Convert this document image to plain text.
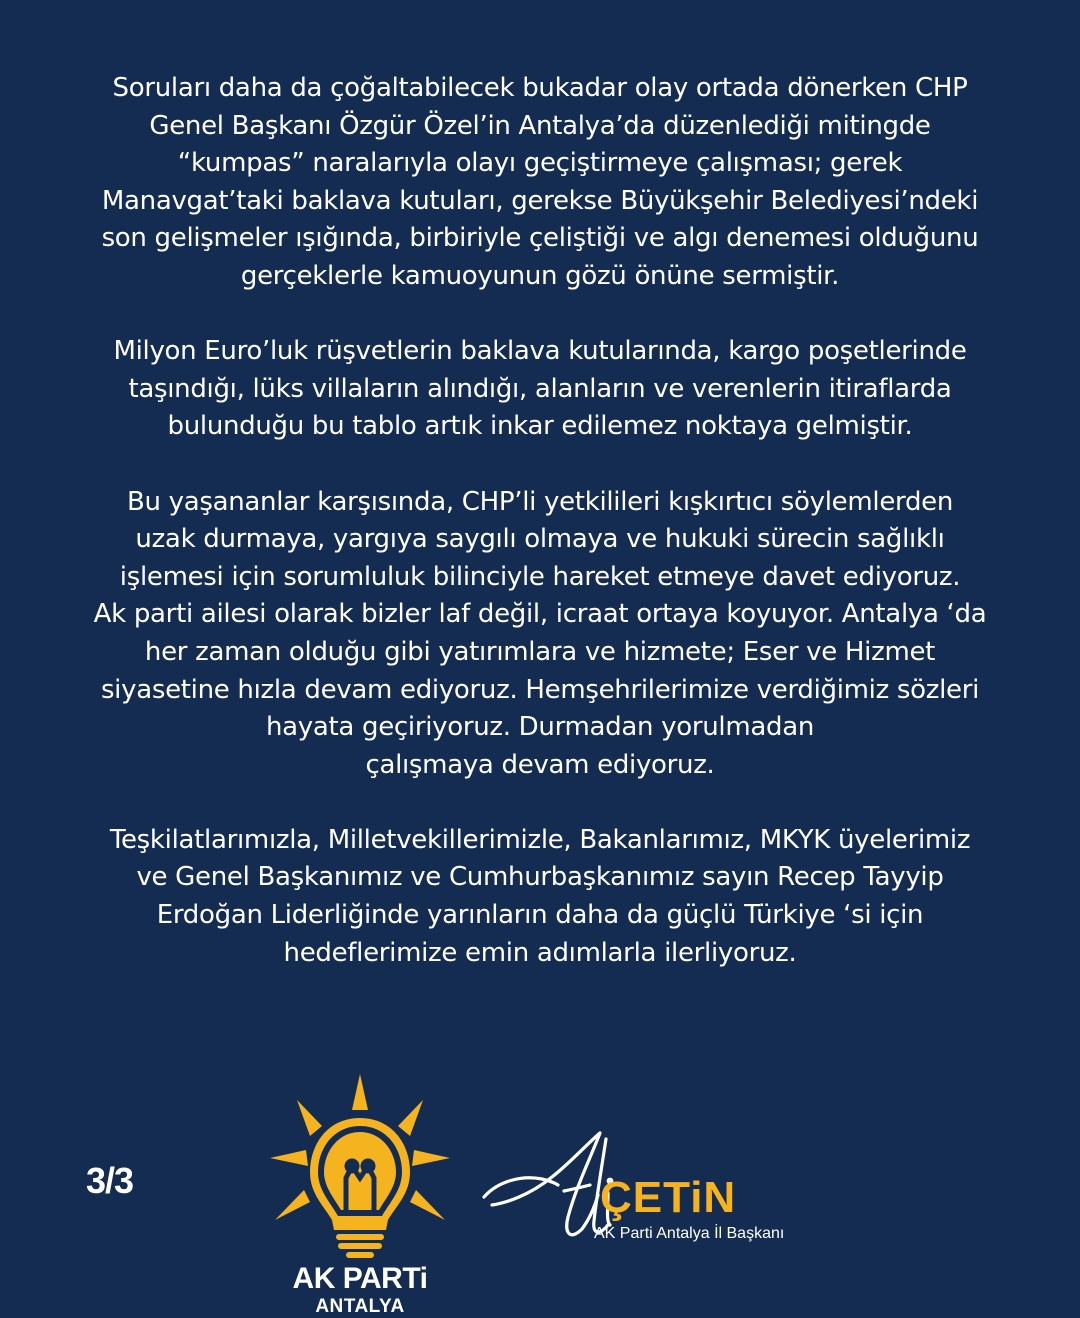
Soruları daha da çoğaltabilecek bukadar olay ortada dönerken CHP
Genel Başkanı Özgür Özel’in Antalya’da düzenlediği mitingde
“kumpas” naralarıyla olayı geçiştirmeye çalışması; gerek
Manavgat’taki baklava kutuları, gerekse Büyükşehir Belediyesi’ndeki
son gelişmeler ışığında, birbiriyle çeliştiği ve algı denemesi olduğunu
gerçeklerle kamuoyunun gözü önüne sermiştir.

Milyon Euro’luk rüşvetlerin baklava kutularında, kargo poşetlerinde
taşındığı, lüks villaların alındığı, alanların ve verenlerin itiraflarda
bulunduğu bu tablo artık inkar edilemez noktaya gelmiştir.

Bu yaşananlar karşısında, CHP’li yetkilileri kışkırtıcı söylemlerden
uzak durmaya, yargıya saygılı olmaya ve hukuki sürecin sağlıklı
işlemesi için sorumluluk bilinciyle hareket etmeye davet ediyoruz.
Ak parti ailesi olarak bizler laf değil, icraat ortaya koyuyor. Antalya ‘da
her zaman olduğu gibi yatırımlara ve hizmete; Eser ve Hizmet
siyasetine hızla devam ediyoruz. Hemşehrilerimize verdiğimiz sözleri
hayata geçiriyoruz. Durmadan yorulmadan
çalışmaya devam ediyoruz.

Teşkilatlarımızla, Milletvekillerimizle, Bakanlarımız, MKYK üyelerimiz
ve Genel Başkanımız ve Cumhurbaşkanımız sayın Recep Tayyip
Erdoğan Liderliğinde yarınların daha da güçlü Türkiye ‘si için
hedeflerimize emin adımlarla ilerliyoruz.

3/3
AK PARTi
ANTALYA
ÇETiN
AK Parti Antalya İl Başkanı
